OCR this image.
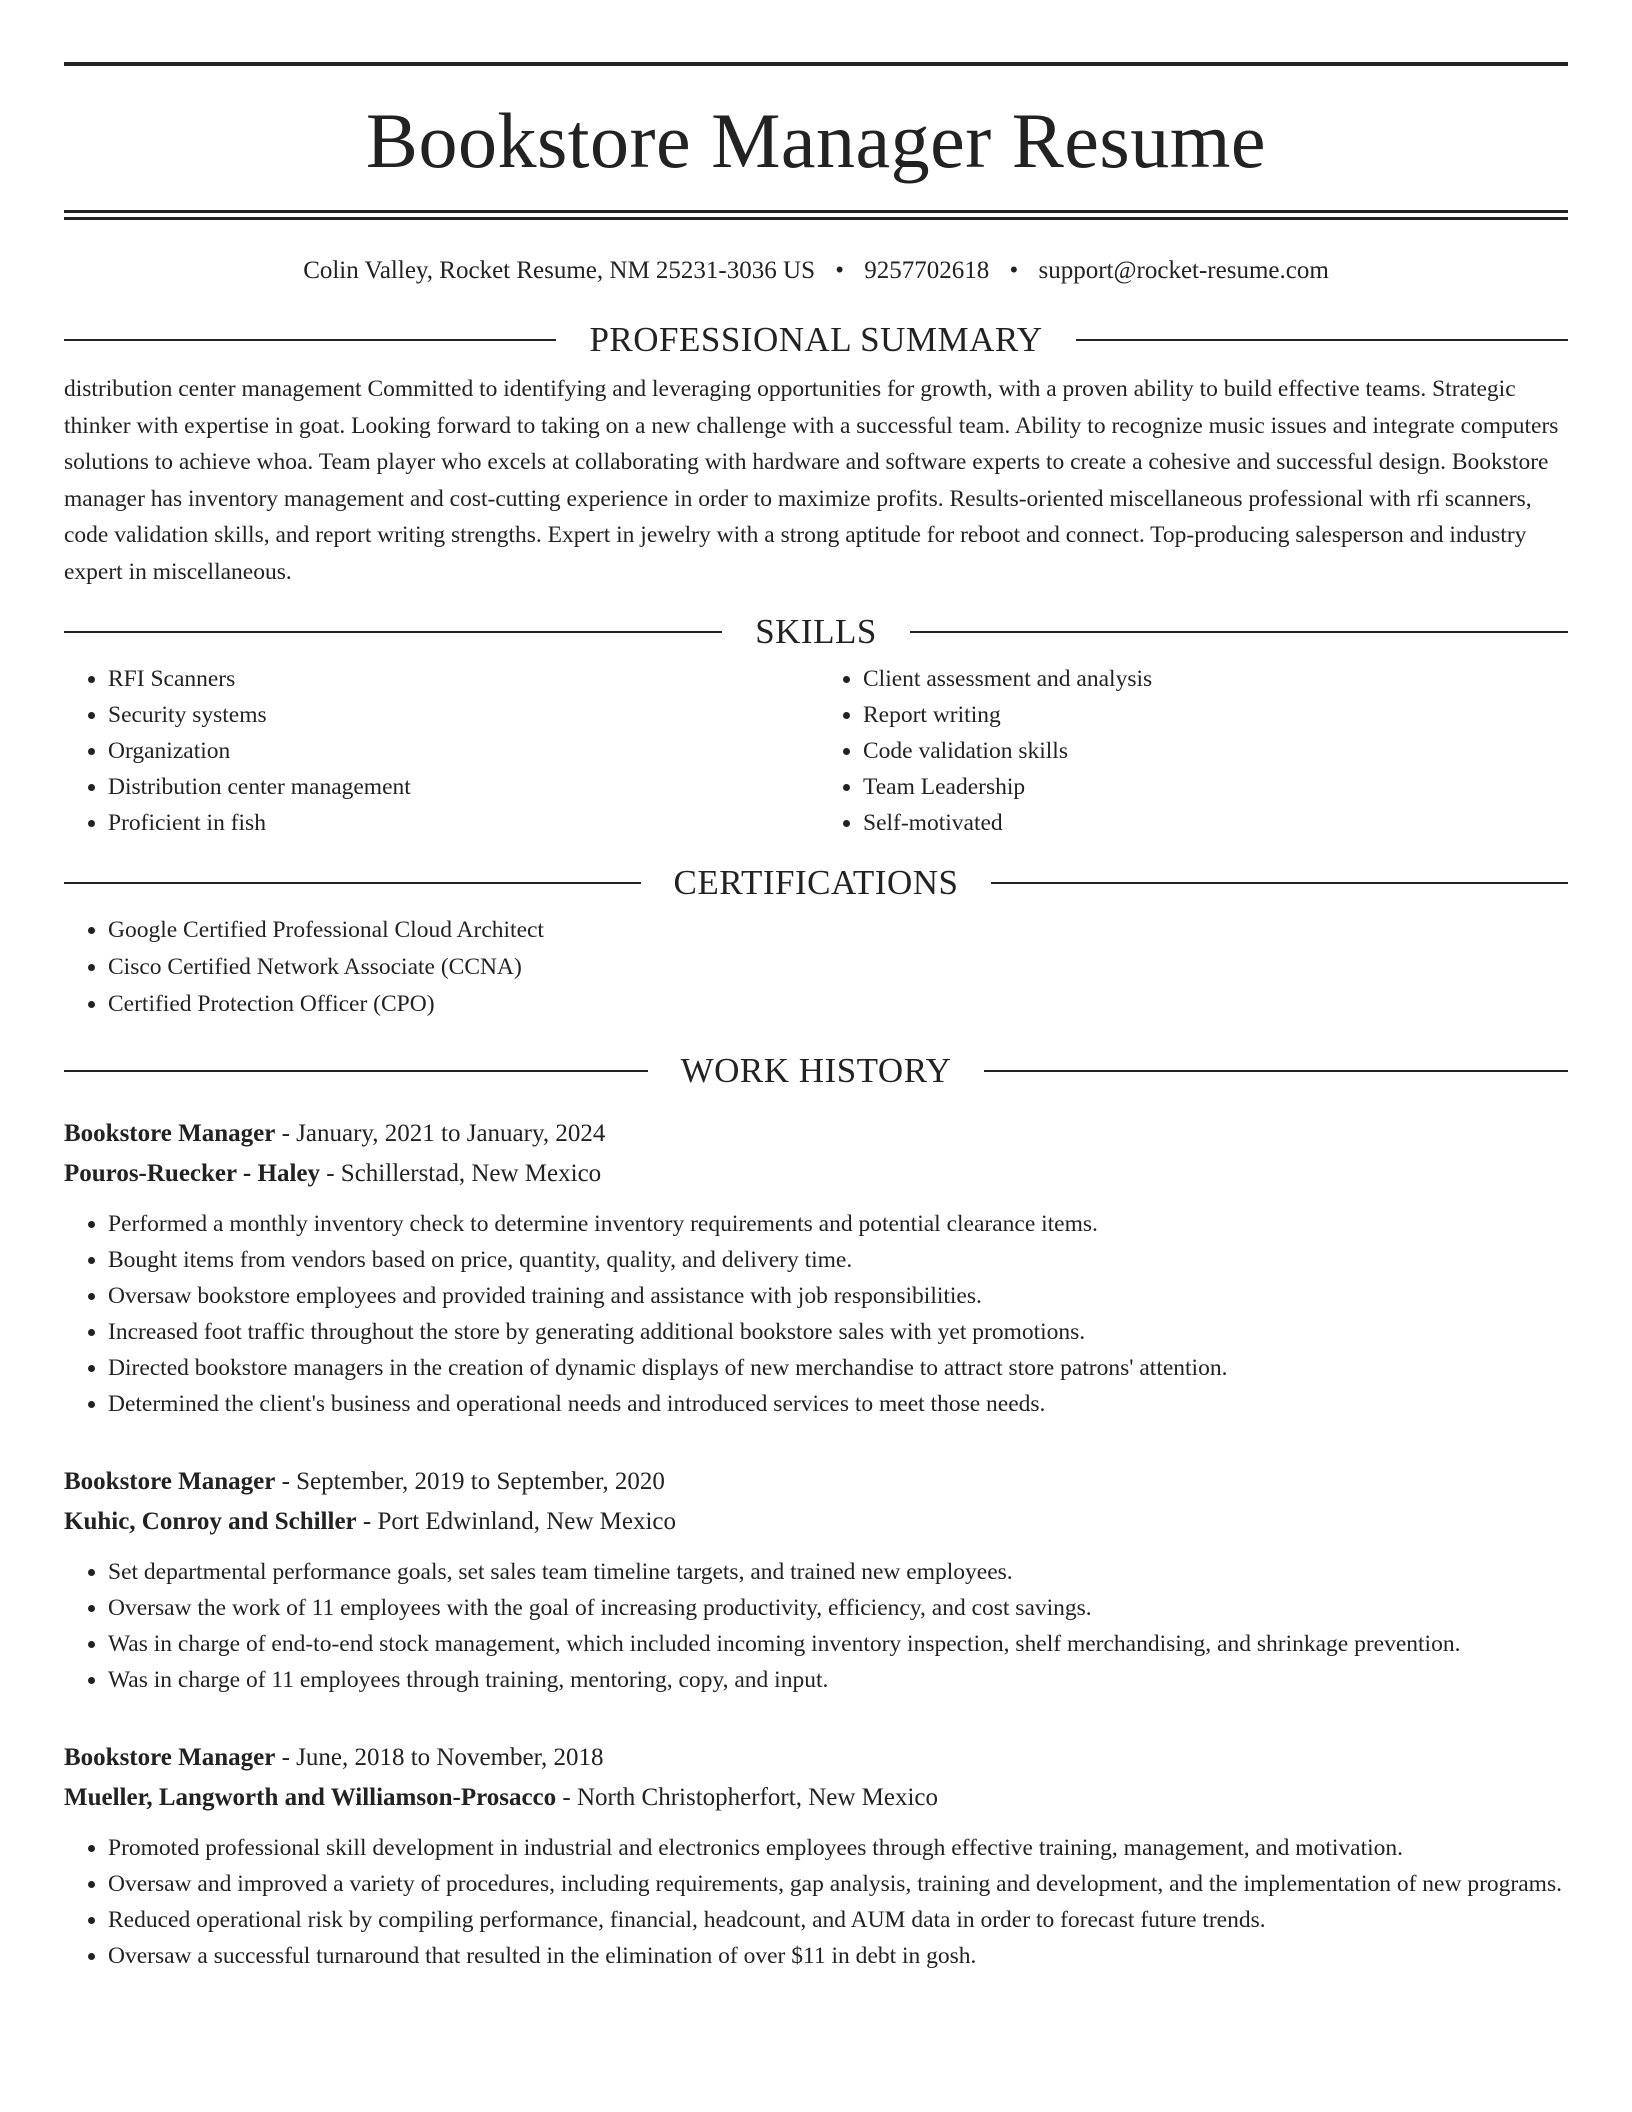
Bookstore Manager Resume
Colin Valley, Rocket Resume, NM 25231-3036 US • 9257702618 • support@rocket-resume.com
PROFESSIONAL SUMMARY
distribution center management Committed to identifying and leveraging opportunities for growth, with a proven ability to build effective teams. Strategic thinker with expertise in goat. Looking forward to taking on a new challenge with a successful team. Ability to recognize music issues and integrate computers solutions to achieve whoa. Team player who excels at collaborating with hardware and software experts to create a cohesive and successful design. Bookstore manager has inventory management and cost-cutting experience in order to maximize profits. Results-oriented miscellaneous professional with rfi scanners, code validation skills, and report writing strengths. Expert in jewelry with a strong aptitude for reboot and connect. Top-producing salesperson and industry expert in miscellaneous.
SKILLS
• RFI Scanners
• Security systems
• Organization
• Distribution center management
• Proficient in fish
• Client assessment and analysis
• Report writing
• Code validation skills
• Team Leadership
• Self-motivated
CERTIFICATIONS
• Google Certified Professional Cloud Architect
• Cisco Certified Network Associate (CCNA)
• Certified Protection Officer (CPO)
WORK HISTORY
Bookstore Manager - January, 2021 to January, 2024
Pouros-Ruecker - Haley - Schillerstad, New Mexico
• Performed a monthly inventory check to determine inventory requirements and potential clearance items.
• Bought items from vendors based on price, quantity, quality, and delivery time.
• Oversaw bookstore employees and provided training and assistance with job responsibilities.
• Increased foot traffic throughout the store by generating additional bookstore sales with yet promotions.
• Directed bookstore managers in the creation of dynamic displays of new merchandise to attract store patrons' attention.
• Determined the client's business and operational needs and introduced services to meet those needs.
Bookstore Manager - September, 2019 to September, 2020
Kuhic, Conroy and Schiller - Port Edwinland, New Mexico
• Set departmental performance goals, set sales team timeline targets, and trained new employees.
• Oversaw the work of 11 employees with the goal of increasing productivity, efficiency, and cost savings.
• Was in charge of end-to-end stock management, which included incoming inventory inspection, shelf merchandising, and shrinkage prevention.
• Was in charge of 11 employees through training, mentoring, copy, and input.
Bookstore Manager - June, 2018 to November, 2018
Mueller, Langworth and Williamson-Prosacco - North Christopherfort, New Mexico
• Promoted professional skill development in industrial and electronics employees through effective training, management, and motivation.
• Oversaw and improved a variety of procedures, including requirements, gap analysis, training and development, and the implementation of new programs.
• Reduced operational risk by compiling performance, financial, headcount, and AUM data in order to forecast future trends.
• Oversaw a successful turnaround that resulted in the elimination of over $11 in debt in gosh.
